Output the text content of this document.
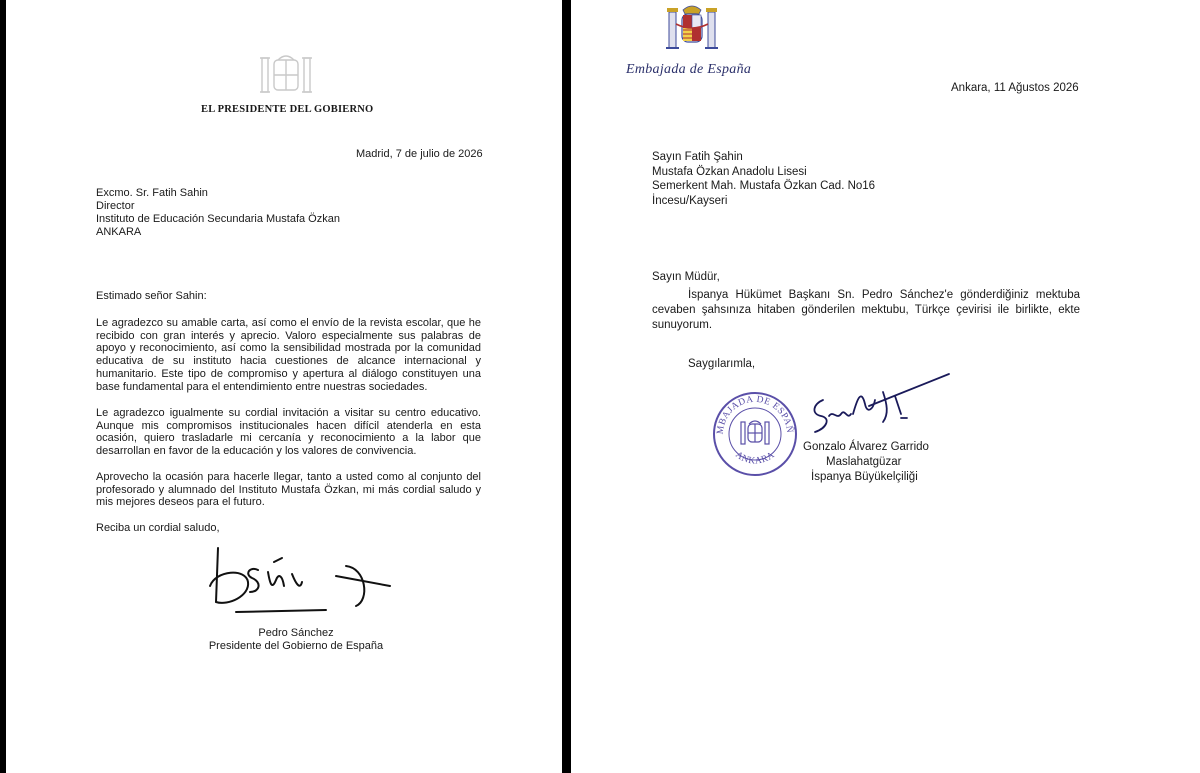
EL PRESIDENTE DEL GOBIERNO
Madrid, 7 de julio de 2026
Excmo. Sr. Fatih Sahin
Director
Instituto de Educación Secundaria Mustafa Özkan
ANKARA
Estimado señor Sahin:
Le agradezco su amable carta, así como el envío de la revista escolar, que he recibido con gran interés y aprecio. Valoro especialmente sus palabras de apoyo y reconocimiento, así como la sensibilidad mostrada por la comunidad educativa de su instituto hacia cuestiones de alcance internacional y humanitario. Este tipo de compromiso y apertura al diálogo constituyen una base fundamental para el entendimiento entre nuestras sociedades.
Le agradezco igualmente su cordial invitación a visitar su centro educativo. Aunque mis compromisos institucionales hacen difícil atenderla en esta ocasión, quiero trasladarle mi cercanía y reconocimiento a la labor que desarrollan en favor de la educación y los valores de convivencia.
Aprovecho la ocasión para hacerle llegar, tanto a usted como al conjunto del profesorado y alumnado del Instituto Mustafa Özkan, mi más cordial saludo y mis mejores deseos para el futuro.
Reciba un cordial saludo,
Pedro Sánchez
Presidente del Gobierno de España
Embajada de España
Ankara, 11 Ağustos 2026
Sayın Fatih Şahin
Mustafa Özkan Anadolu Lisesi
Semerkent Mah. Mustafa Özkan Cad. No16
İncesu/Kayseri
Sayın Müdür,
İspanya Hükümet Başkanı Sn. Pedro Sánchez'e gönderdiğiniz mektuba cevaben şahsınıza hitaben gönderilen mektubu, Türkçe çevirisi ile birlikte, ekte sunuyorum.
Saygılarımla,
EMBAJADA DE ESPAÑA
ANKARA
Gonzalo Álvarez Garrido
Maslahatgüzar
İspanya Büyükelçiliği
